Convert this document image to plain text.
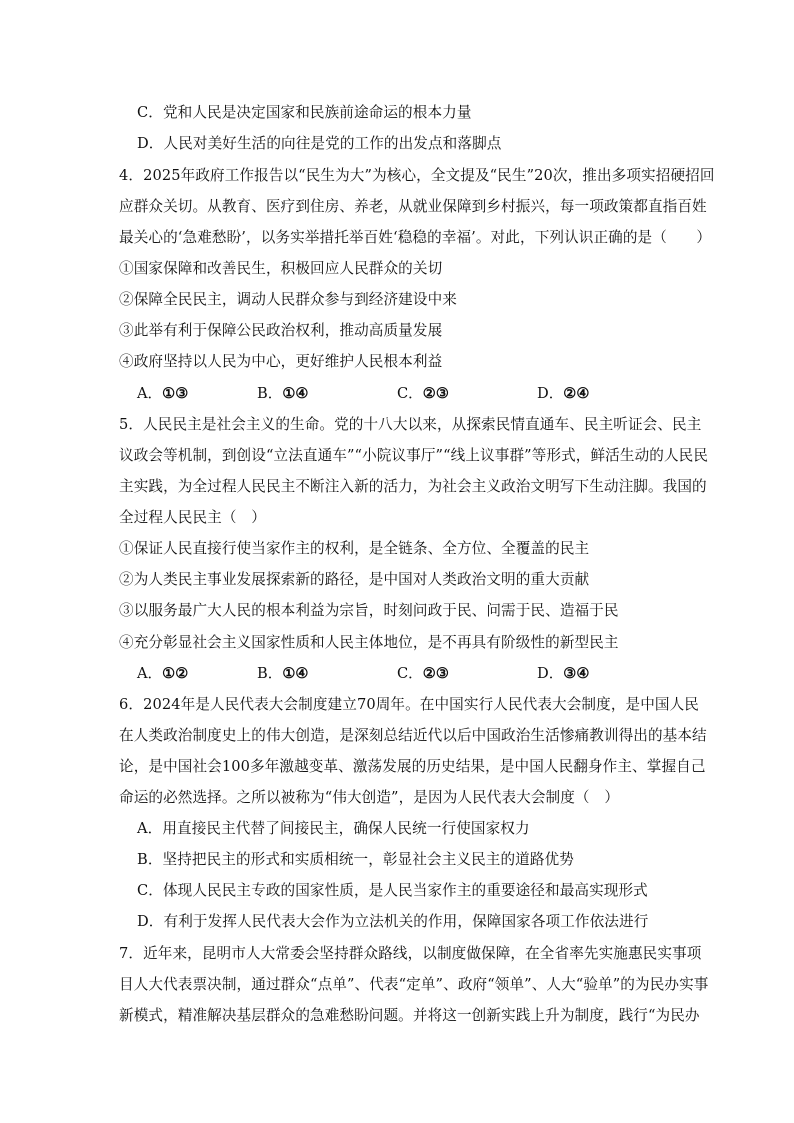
C．党和人民是决定国家和民族前途命运的根本力量
D．人民对美好生活的向往是党的工作的出发点和落脚点
4．2025年政府工作报告以“民生为大”为核心，全文提及“民生”20次，推出多项实招硬招回
应群众关切。从教育、医疗到住房、养老，从就业保障到乡村振兴，每一项政策都直指百姓
最关心的‘急难愁盼’，以务实举措托举百姓‘稳稳的幸福’。对此，下列认识正确的是（　　）
①国家保障和改善民生，积极回应人民群众的关切
②保障全民民主，调动人民群众参与到经济建设中来
③此举有利于保障公民政治权利，推动高质量发展
④政府坚持以人民为中心，更好维护人民根本利益
A．①③	B．①④	C．②③	D．②④
5．人民民主是社会主义的生命。党的十八大以来，从探索民情直通车、民主听证会、民主
议政会等机制，到创设“立法直通车”“小院议事厅”“线上议事群”等形式，鲜活生动的人民民
主实践，为全过程人民民主不断注入新的活力，为社会主义政治文明写下生动注脚。我国的
全过程人民民主（　）
①保证人民直接行使当家作主的权利，是全链条、全方位、全覆盖的民主
②为人类民主事业发展探索新的路径，是中国对人类政治文明的重大贡献
③以服务最广大人民的根本利益为宗旨，时刻问政于民、问需于民、造福于民
④充分彰显社会主义国家性质和人民主体地位，是不再具有阶级性的新型民主
A．①②	B．①④	C．②③	D．③④
6．2024年是人民代表大会制度建立70周年。在中国实行人民代表大会制度，是中国人民
在人类政治制度史上的伟大创造，是深刻总结近代以后中国政治生活惨痛教训得出的基本结
论，是中国社会100多年激越变革、激荡发展的历史结果，是中国人民翻身作主、掌握自己
命运的必然选择。之所以被称为“伟大创造”，是因为人民代表大会制度（　）
A．用直接民主代替了间接民主，确保人民统一行使国家权力
B．坚持把民主的形式和实质相统一，彰显社会主义民主的道路优势
C．体现人民民主专政的国家性质，是人民当家作主的重要途径和最高实现形式
D．有利于发挥人民代表大会作为立法机关的作用，保障国家各项工作依法进行
7．近年来，昆明市人大常委会坚持群众路线，以制度做保障，在全省率先实施惠民实事项
目人大代表票决制，通过群众“点单”、代表“定单”、政府“领单”、人大“验单”的为民办实事
新模式，精准解决基层群众的急难愁盼问题。并将这一创新实践上升为制度，践行“为民办
